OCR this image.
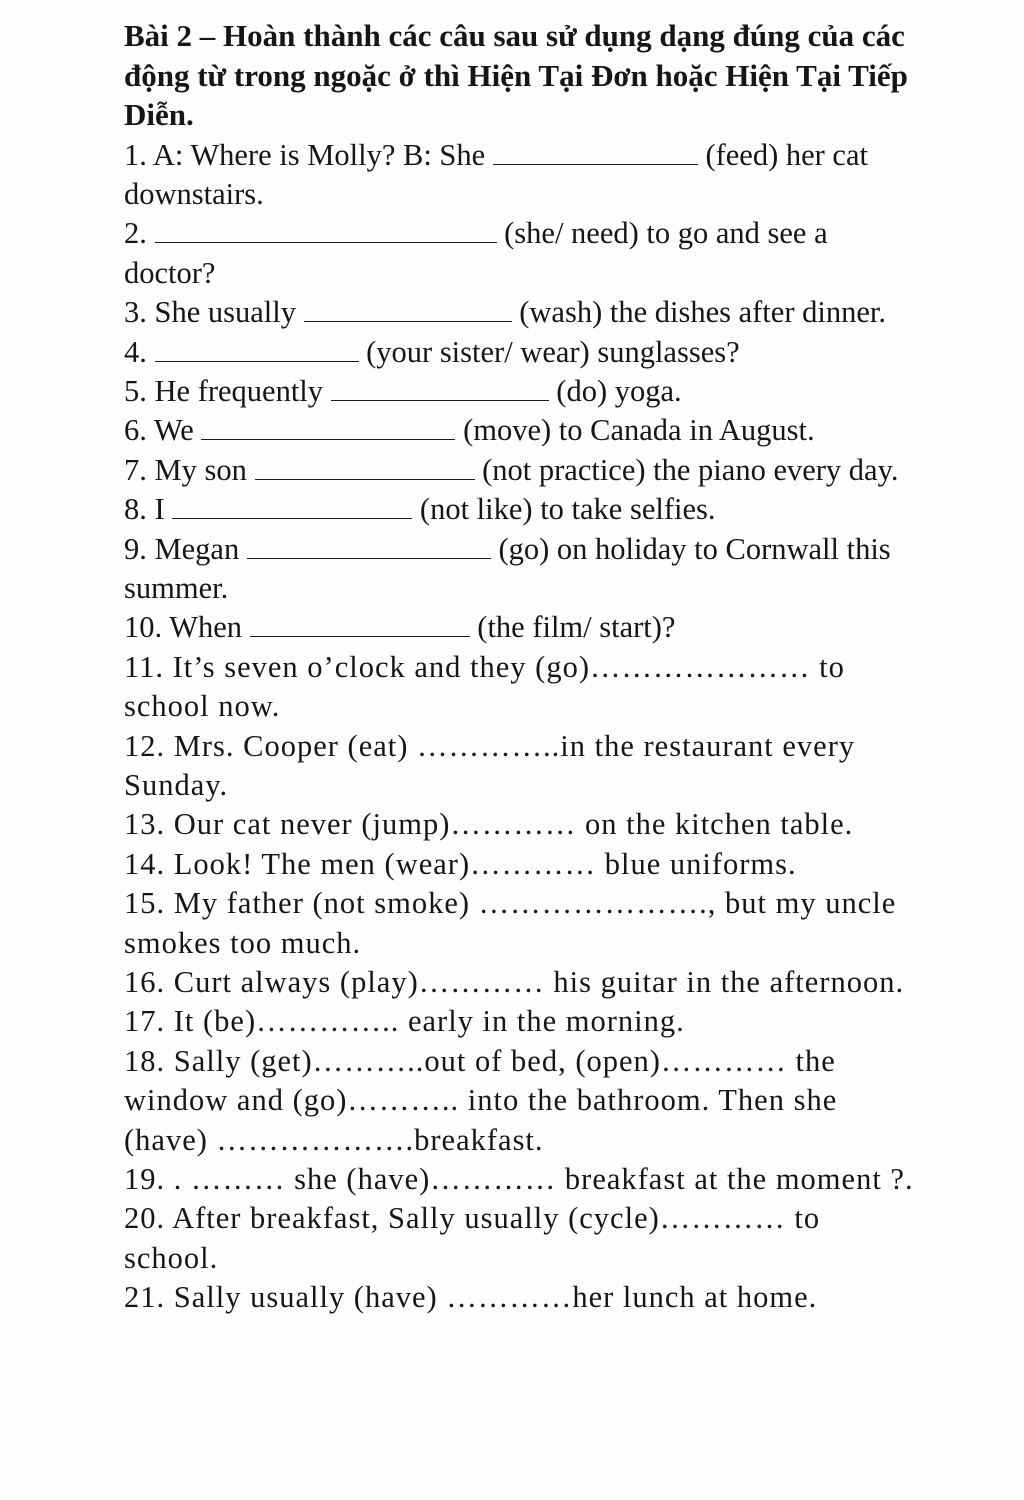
Bài 2 – Hoàn thành các câu sau sử dụng dạng đúng của các động từ trong ngoặc ở thì Hiện Tại Đơn hoặc Hiện Tại Tiếp Diễn.

1. A: Where is Molly? B: She	(feed) her cat downstairs.

2.	(she/ need) to go and see a doctor?

3. She usually	(wash) the dishes after dinner.

4.	(your sister/ wear) sunglasses?

5. He frequently	(do) yoga.

6. We	(move) to Canada in August.

7. My son	(not practice) the piano every day.

8. I	(not like) to take selfies.

9. Megan	(go) on holiday to Cornwall this summer.

10. When	(the film/ start)?

11. It’s seven o’clock and they (go)………………… to school now.

12. Mrs. Cooper (eat) …………..in the restaurant every Sunday.

13. Our cat never (jump)………… on the kitchen table.

14. Look! The men (wear)………… blue uniforms.

15. My father (not smoke) …………………., but my uncle smokes too much.

16. Curt always (play)………… his guitar in the afternoon.

17. It (be)………….. early in the morning.

18. Sally (get)………..out of bed, (open)………… the window and (go)……….. into the bathroom. Then she (have) ……………….breakfast.

19. . ……… she (have)………… breakfast at the moment ?.

20. After breakfast, Sally usually (cycle)………… to school.

21. Sally usually (have) …………her lunch at home.
